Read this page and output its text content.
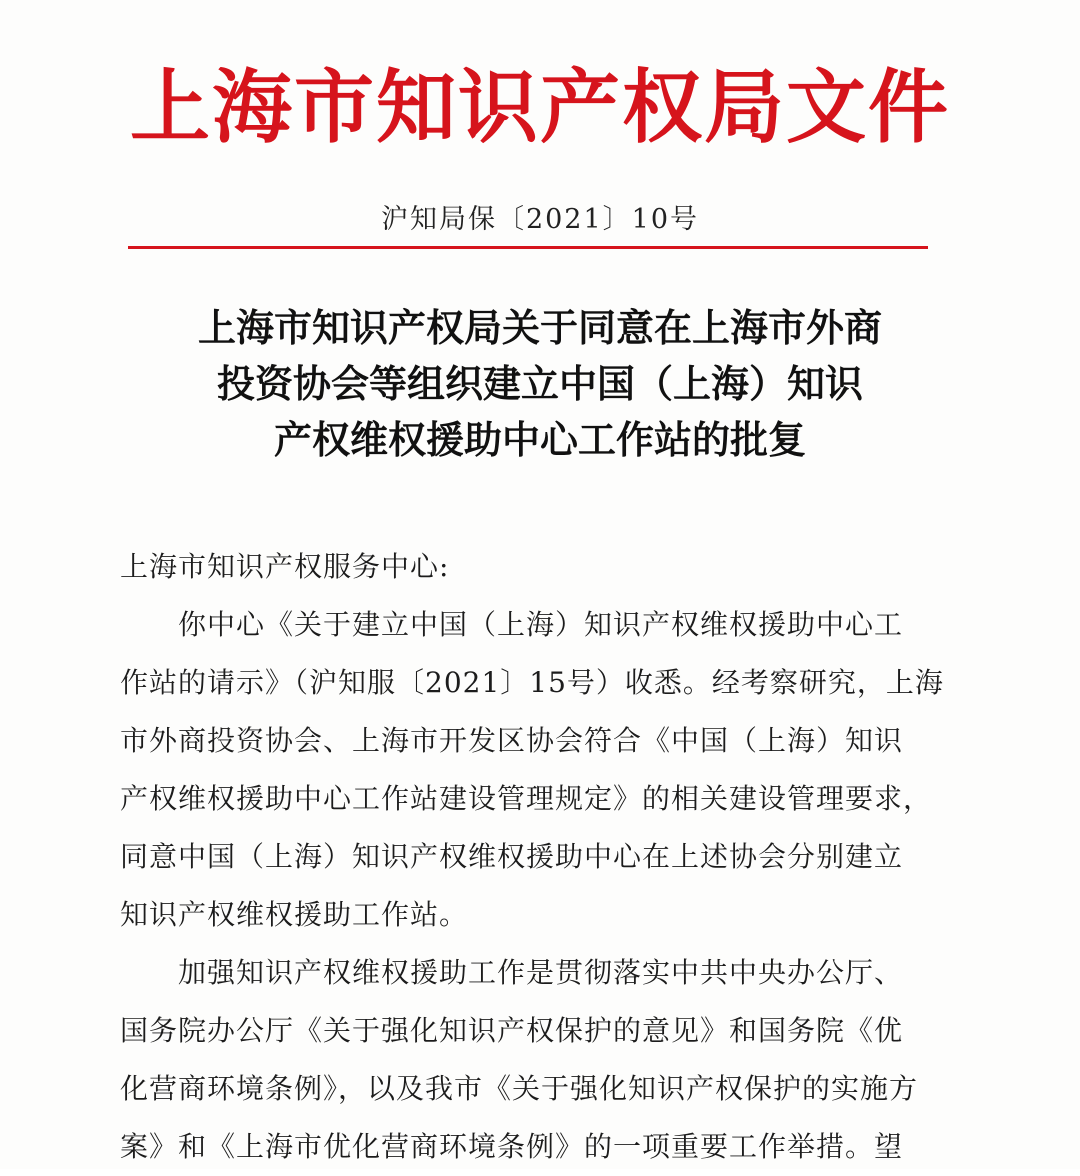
上海市知识产权局文件
沪知局保〔2021〕10号
上海市知识产权局关于同意在上海市外商
投资协会等组织建立中国（上海）知识
产权维权援助中心工作站的批复
上海市知识产权服务中心:
　　你中心《关于建立中国（上海）知识产权维权援助中心工
作站的请示》（沪知服〔2021〕15号）收悉。经考察研究，上海
市外商投资协会、上海市开发区协会符合《中国（上海）知识
产权维权援助中心工作站建设管理规定》的相关建设管理要求，
同意中国（上海）知识产权维权援助中心在上述协会分别建立
知识产权维权援助工作站。
　　加强知识产权维权援助工作是贯彻落实中共中央办公厅、
国务院办公厅《关于强化知识产权保护的意见》和国务院《优
化营商环境条例》，以及我市《关于强化知识产权保护的实施方
案》和《上海市优化营商环境条例》的一项重要工作举措。望
